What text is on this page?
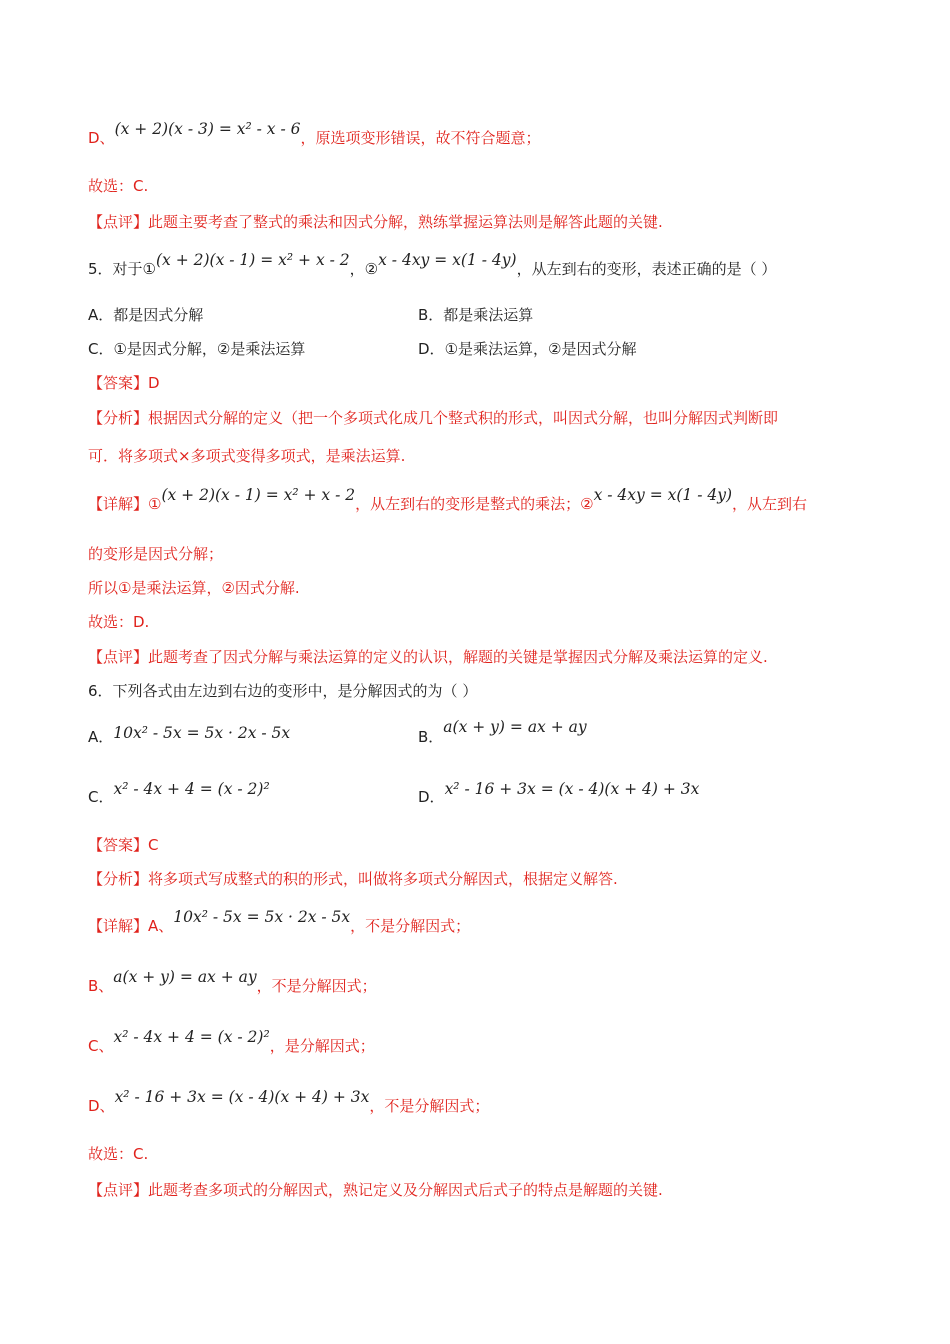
D、(x + 2)(x - 3) = x² - x - 6，原选项变形错误，故不符合题意；
故选：C.
【点评】此题主要考查了整式的乘法和因式分解，熟练掌握运算法则是解答此题的关键.
5．对于①(x + 2)(x - 1) = x² + x - 2，②x - 4xy = x(1 - 4y)，从左到右的变形，表述正确的是（ ）
A．都是因式分解	B．都是乘法运算
C．①是因式分解，②是乘法运算	D．①是乘法运算，②是因式分解
【答案】D
【分析】根据因式分解的定义（把一个多项式化成几个整式积的形式，叫因式分解，也叫分解因式判断即
可．将多项式×多项式变得多项式，是乘法运算.
【详解】①(x + 2)(x - 1) = x² + x - 2，从左到右的变形是整式的乘法；②x - 4xy = x(1 - 4y)，从左到右
的变形是因式分解；
所以①是乘法运算，②因式分解.
故选：D.
【点评】此题考查了因式分解与乘法运算的定义的认识，解题的关键是掌握因式分解及乘法运算的定义.
6．下列各式由左边到右边的变形中，是分解因式的为（ ）
A．10x² - 5x = 5x · 2x - 5x	B．a(x + y) = ax + ay
C．x² - 4x + 4 = (x - 2)²	D．x² - 16 + 3x = (x - 4)(x + 4) + 3x
【答案】C
【分析】将多项式写成整式的积的形式，叫做将多项式分解因式，根据定义解答.
【详解】A、10x² - 5x = 5x · 2x - 5x，不是分解因式；
B、a(x + y) = ax + ay，不是分解因式；
C、x² - 4x + 4 = (x - 2)²，是分解因式；
D、x² - 16 + 3x = (x - 4)(x + 4) + 3x，不是分解因式；
故选：C.
【点评】此题考查多项式的分解因式，熟记定义及分解因式后式子的特点是解题的关键.
